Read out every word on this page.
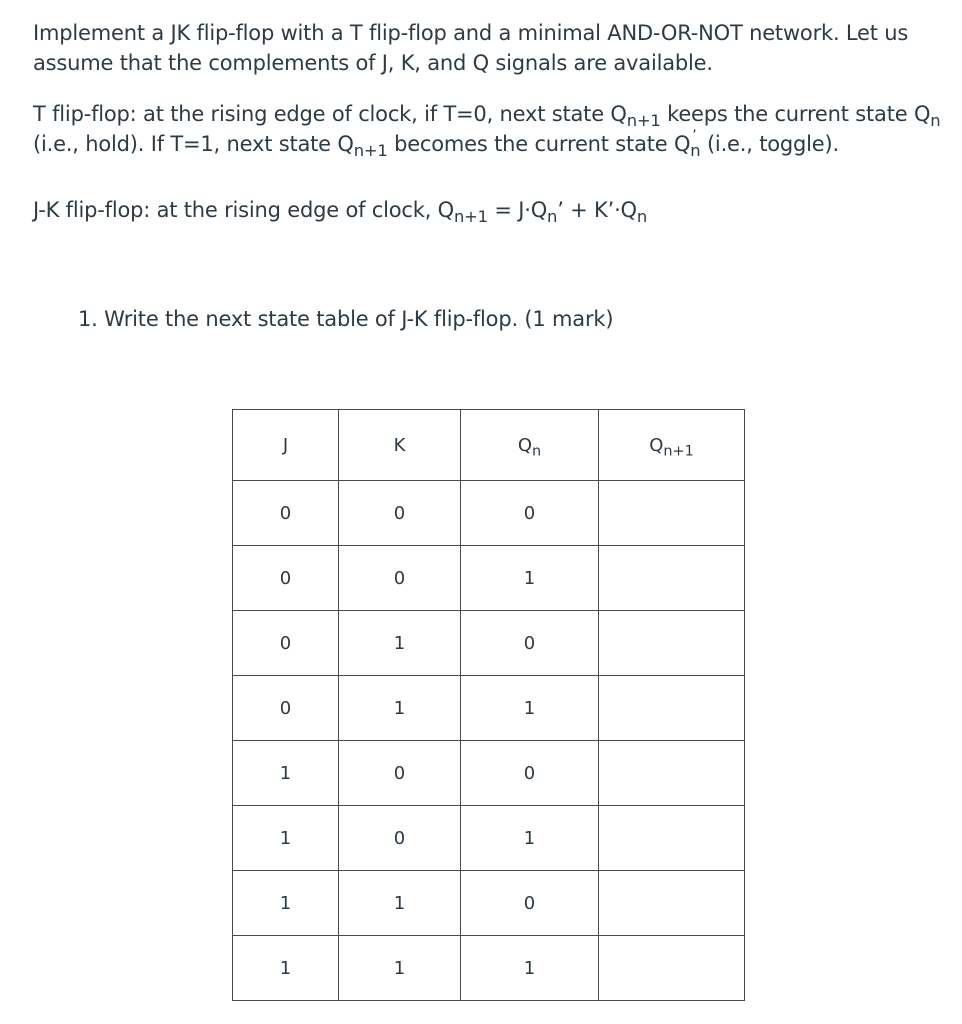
Implement a JK flip-flop with a T flip-flop and a minimal AND-OR-NOT network. Let us assume that the complements of J, K, and Q signals are available.

T flip-flop: at the rising edge of clock, if T=0, next state $Q_{n+1}$ keeps the current state $Q_n$ (i.e., hold). If T=1, next state $Q_{n+1}$ becomes the current state $Q_{n ’}$ (i.e., toggle).

J-K flip-flop: at the rising edge of clock, $Q_{n+1} = J\cdot Q_n$’ + $K’\cdot Q_n$

1. Write the next state table of J-K flip-flop. (1 mark)

J	K	$Q_n$	$Q_{n+1}$
0	0	0	
0	0	1	
0	1	0	
0	1	1	
1	0	0	
1	0	1	
1	1	0	
1	1	1	
